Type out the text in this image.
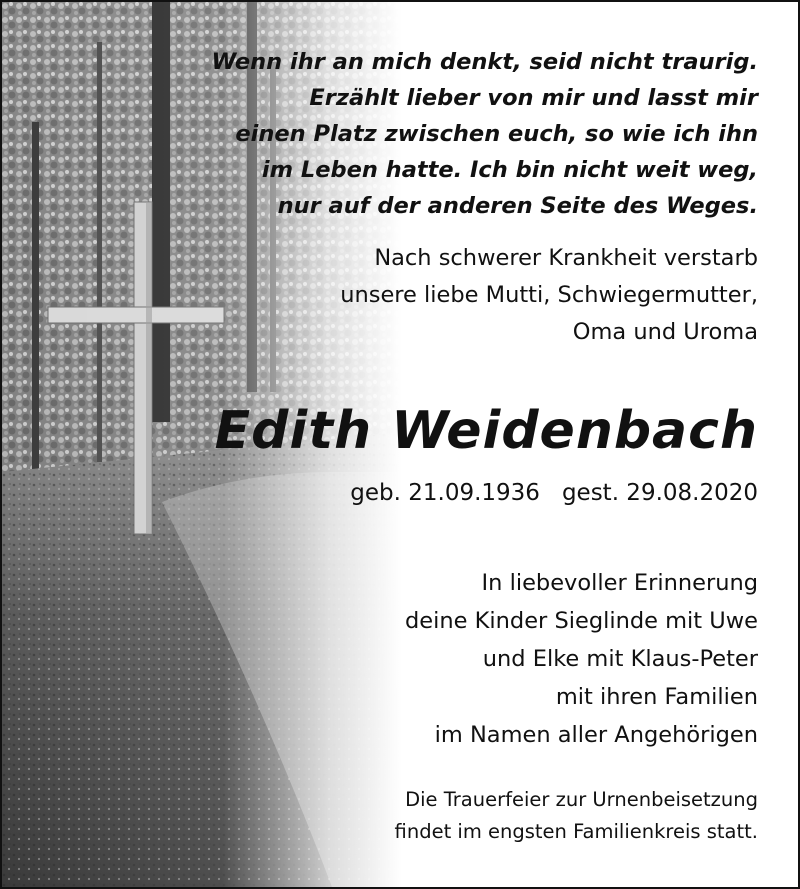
Wenn ihr an mich denkt, seid nicht traurig.
Erzählt lieber von mir und lasst mir
einen Platz zwischen euch, so wie ich ihn
im Leben hatte. Ich bin nicht weit weg,
nur auf der anderen Seite des Weges.
Nach schwerer Krankheit verstarb
unsere liebe Mutti, Schwiegermutter,
Oma und Uroma
Edith Weidenbach
geb. 21.09.1936 gest. 29.08.2020
In liebevoller Erinnerung
deine Kinder Sieglinde mit Uwe
und Elke mit Klaus-Peter
mit ihren Familien
im Namen aller Angehörigen
Die Trauerfeier zur Urnenbeisetzung
findet im engsten Familienkreis statt.
